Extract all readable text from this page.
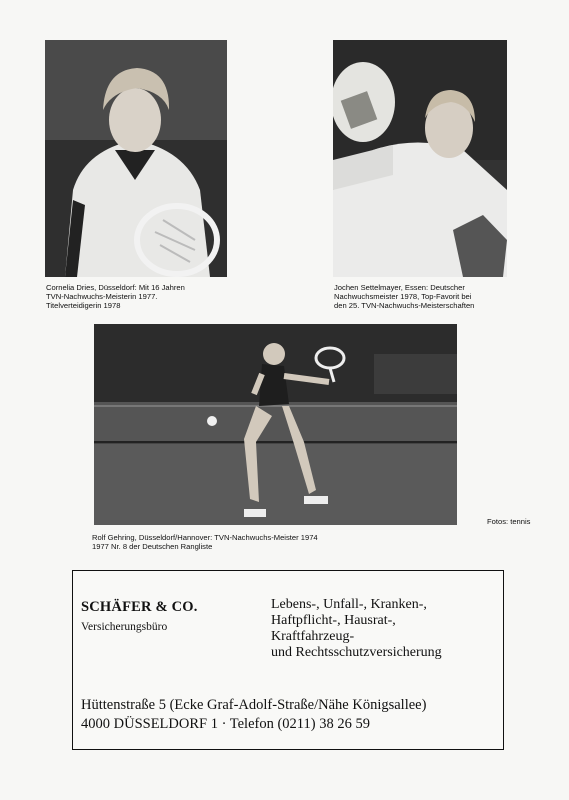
Cornelia Dries, Düsseldorf: Mit 16 Jahren
TVN-Nachwuchs-Meisterin 1977.
Titelverteidigerin 1978
Jochen Settelmayer, Essen: Deutscher
Nachwuchsmeister 1978, Top-Favorit bei
den 25. TVN-Nachwuchs-Meisterschaften
Rolf Gehring, Düsseldorf/Hannover: TVN-Nachwuchs-Meister 1974
1977 Nr. 8 der Deutschen Rangliste
Fotos: tennis
SCHÄFER & CO.
Versicherungsbüro
Lebens-, Unfall-, Kranken-,
Haftpflicht-, Hausrat-,
Kraftfahrzeug-
und Rechtsschutzversicherung
Hüttenstraße 5 (Ecke Graf-Adolf-Straße/Nähe Königsallee)
4000 DÜSSELDORF 1 · Telefon (0211) 38 26 59
